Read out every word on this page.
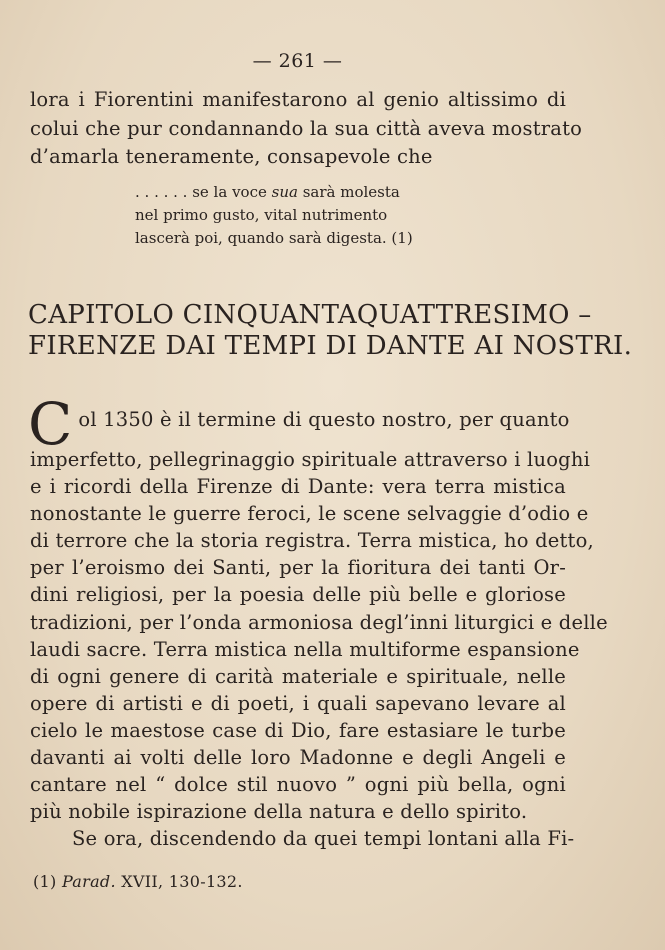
— 261 —
lora i Fiorentini manifestarono al genio altissimo di
colui che pur condannando la sua città aveva mostrato
d’amarla teneramente, consapevole che
. . . . . . se la voce sua sarà molesta
nel primo gusto, vital nutrimento
lascerà poi, quando sarà digesta. (1)
CAPITOLO CINQUANTAQUATTRESIMO –
FIRENZE DAI TEMPI DI DANTE AI NOSTRI.
C ol 1350 è il termine di questo nostro, per quanto
imperfetto, pellegrinaggio spirituale attraverso i luoghi
e i ricordi della Firenze di Dante: vera terra mistica
nonostante le guerre feroci, le scene selvaggie d’odio e
di terrore che la storia registra. Terra mistica, ho detto,
per l’eroismo dei Santi, per la fioritura dei tanti Or-
dini religiosi, per la poesia delle più belle e gloriose
tradizioni, per l’onda armoniosa degl’inni liturgici e delle
laudi sacre. Terra mistica nella multiforme espansione
di ogni genere di carità materiale e spirituale, nelle
opere di artisti e di poeti, i quali sapevano levare al
cielo le maestose case di Dio, fare estasiare le turbe
davanti ai volti delle loro Madonne e degli Angeli e
cantare nel “ dolce stil nuovo ” ogni più bella, ogni
più nobile ispirazione della natura e dello spirito.
Se ora, discendendo da quei tempi lontani alla Fi-
(1) Parad. XVII, 130-132.
